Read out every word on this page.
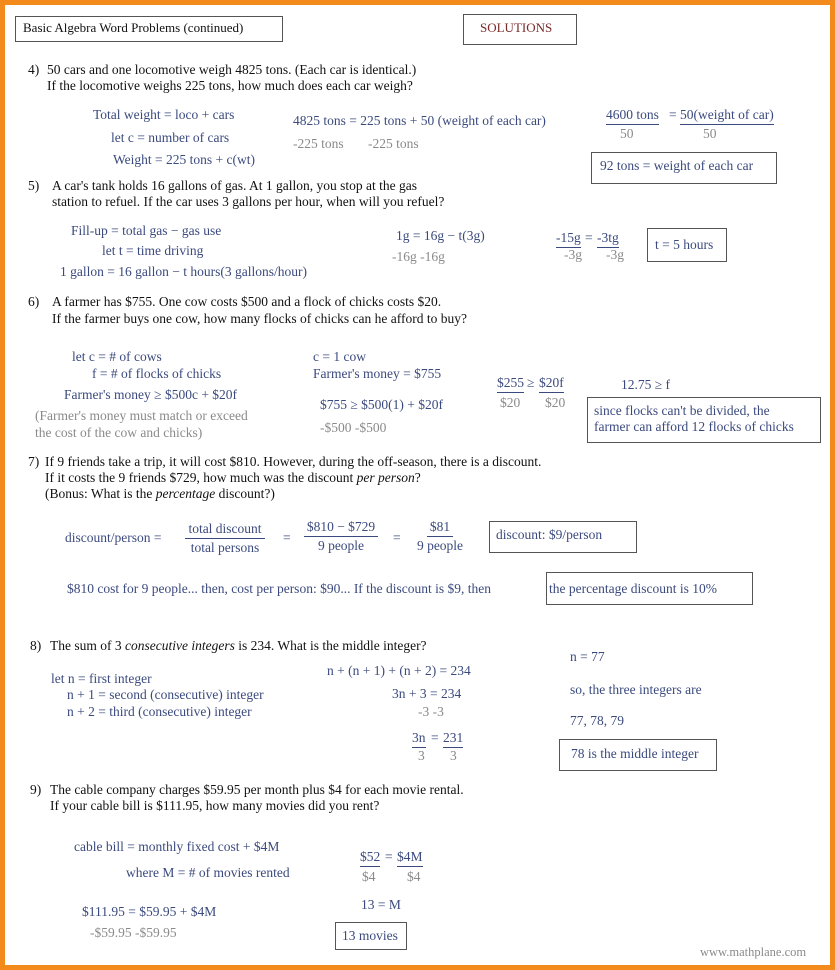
Basic Algebra Word Problems (continued)	SOLUTIONS
4) 50 cars and one locomotive weigh 4825 tons. (Each car is identical.)
If the locomotive weighs 225 tons, how much does each car weigh?
Total weight = loco + cars
let c = number of cars
Weight = 225 tons + c(wt)
4825 tons = 225 tons + 50 (weight of each car)
-225 tons -225 tons
4600 tons = 50(weight of car)
50	50
92 tons = weight of each car
5) A car's tank holds 16 gallons of gas. At 1 gallon, you stop at the gas
station to refuel. If the car uses 3 gallons per hour, when will you refuel?
Fill-up = total gas − gas use
let t = time driving
1 gallon = 16 gallon − t hours(3 gallons/hour)
1g = 16g − t(3g)
-16g -16g
-15g = -3tg
-3g -3g
t = 5 hours
6) A farmer has $755. One cow costs $500 and a flock of chicks costs $20.
If the farmer buys one cow, how many flocks of chicks can he afford to buy?
let c = # of cows
f = # of flocks of chicks
Farmer's money ≥ $500c + $20f
(Farmer's money must match or exceed
the cost of the cow and chicks)
c = 1 cow
Farmer's money = $755
$755 ≥ $500(1) + $20f
-$500 -$500
$255 ≥ $20f
$20 $20
12.75 ≥ f
since flocks can't be divided, the
farmer can afford 12 flocks of chicks
7) If 9 friends take a trip, it will cost $810. However, during the off-season, there is a discount.
If it costs the 9 friends $729, how much was the discount per person?
(Bonus: What is the percentage discount?)
discount/person =
total discount
total persons
=
$810 − $729
9 people
=
$81
9 people
discount: $9/person
$810 cost for 9 people... then, cost per person: $90... If the discount is $9, then	the percentage discount is 10%
8) The sum of 3 consecutive integers is 234. What is the middle integer?
let n = first integer
n + 1 = second (consecutive) integer
n + 2 = third (consecutive) integer
n + (n + 1) + (n + 2) = 234
3n + 3 = 234
-3 -3
3n = 231
3 3
n = 77
so, the three integers are
77, 78, 79
78 is the middle integer
9) The cable company charges $59.95 per month plus $4 for each movie rental.
If your cable bill is $111.95, how many movies did you rent?
cable bill = monthly fixed cost + $4M
where M = # of movies rented
$111.95 = $59.95 + $4M
-$59.95 -$59.95
$52 = $4M
$4 $4
13 = M
13 movies
www.mathplane.com
